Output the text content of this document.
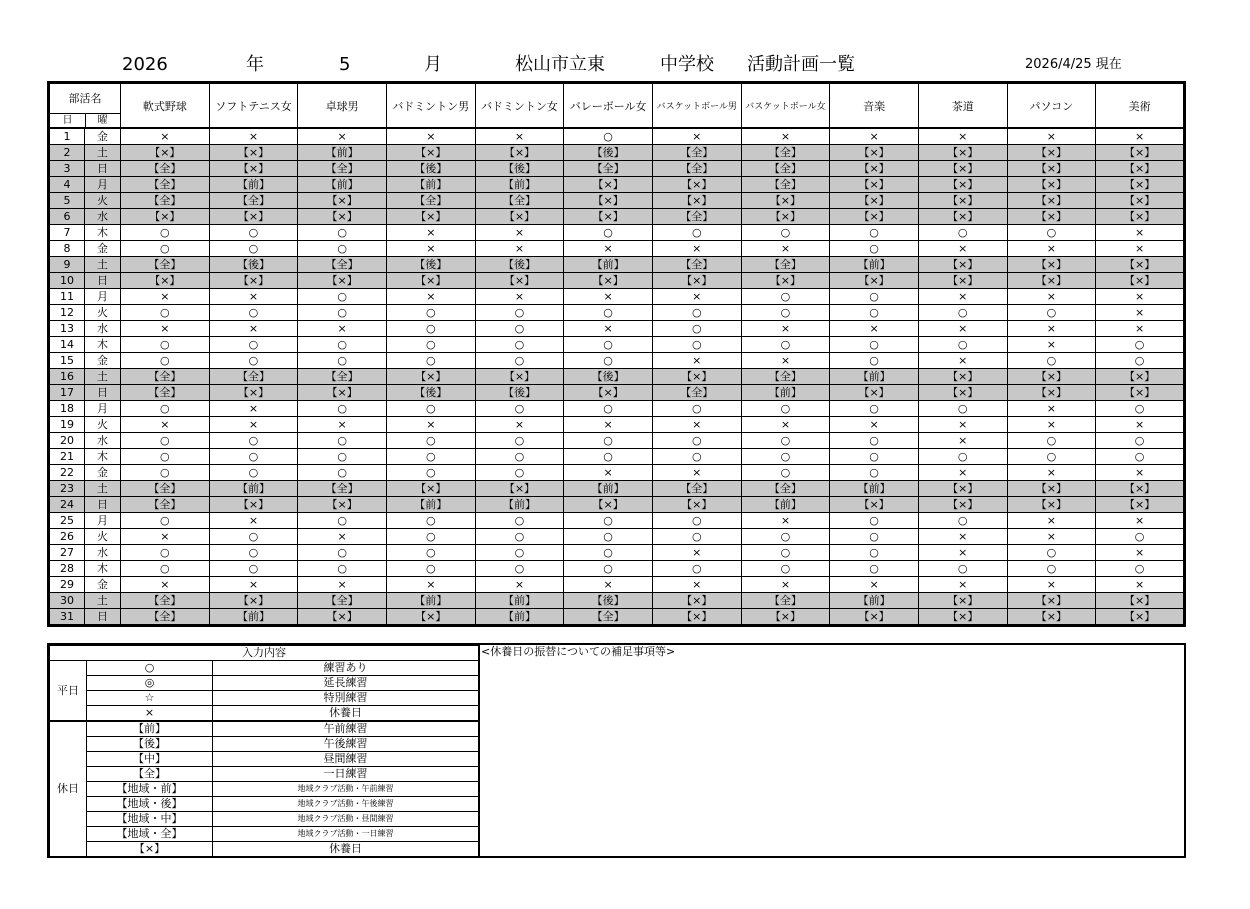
2026	年	5	月	松山市立東	中学校 活動計画一覧	2026/4/25 現在
部活名
日 曜		軟式野球	ソフトテニス女	卓球男	バドミントン男	バドミントン女	バレーボール女	バスケットボール男	バスケットボール女	音楽	茶道	パソコン	美術
1	金	×	×	×	×	×	○	×	×	×	×	×	×
2	土	【×】	【×】	【前】	【×】	【×】	【後】	【全】	【全】	【×】	【×】	【×】	【×】
3	日	【全】	【×】	【全】	【後】	【後】	【全】	【全】	【全】	【×】	【×】	【×】	【×】
4	月	【全】	【前】	【前】	【前】	【前】	【×】	【×】	【全】	【×】	【×】	【×】	【×】
5	火	【全】	【全】	【×】	【全】	【全】	【×】	【×】	【×】	【×】	【×】	【×】	【×】
6	水	【×】	【×】	【×】	【×】	【×】	【×】	【全】	【×】	【×】	【×】	【×】	【×】
7	木	○	○	○	×	×	○	○	○	○	○	○	×
8	金	○	○	○	×	×	×	×	×	○	×	×	×
9	土	【全】	【後】	【全】	【後】	【後】	【前】	【全】	【全】	【前】	【×】	【×】	【×】
10	日	【×】	【×】	【×】	【×】	【×】	【×】	【×】	【×】	【×】	【×】	【×】	【×】
11	月	×	×	○	×	×	×	×	○	○	×	×	×
12	火	○	○	○	○	○	○	○	○	○	○	○	×
13	水	×	×	×	○	○	×	○	×	×	×	×	×
14	木	○	○	○	○	○	○	○	○	○	○	×	○
15	金	○	○	○	○	○	○	×	×	○	×	○	○
16	土	【全】	【全】	【全】	【×】	【×】	【後】	【×】	【全】	【前】	【×】	【×】	【×】
17	日	【全】	【×】	【×】	【後】	【後】	【×】	【全】	【前】	【×】	【×】	【×】	【×】
18	月	○	×	○	○	○	○	○	○	○	○	×	○
19	火	×	×	×	×	×	×	×	×	×	×	×	×
20	水	○	○	○	○	○	○	○	○	○	×	○	○
21	木	○	○	○	○	○	○	○	○	○	○	○	○
22	金	○	○	○	○	○	×	×	○	○	×	×	×
23	土	【全】	【前】	【全】	【×】	【×】	【前】	【全】	【全】	【前】	【×】	【×】	【×】
24	日	【全】	【×】	【×】	【前】	【前】	【×】	【×】	【前】	【×】	【×】	【×】	【×】
25	月	○	×	○	○	○	○	○	×	○	○	×	×
26	火	×	○	×	○	○	○	○	○	○	×	×	○
27	水	○	○	○	○	○	○	×	○	○	×	○	×
28	木	○	○	○	○	○	○	○	○	○	○	○	○
29	金	×	×	×	×	×	×	×	×	×	×	×	×
30	土	【全】	【×】	【全】	【前】	【前】	【後】	【×】	【全】	【前】	【×】	【×】	【×】
31	日	【全】	【前】	【×】	【×】	【前】	【全】	【×】	【×】	【×】	【×】	【×】	【×】
入力内容		
平日	○	練習あり
	◎	延長練習
	☆	特別練習
	×	休養日
休日	【前】	午前練習
	【後】	午後練習
	【中】	昼間練習
	【全】	一日練習
	【地域・前】	地域クラブ活動・午前練習
	【地域・後】	地域クラブ活動・午後練習
	【地域・中】	地域クラブ活動・昼間練習
	【地域・全】	地域クラブ活動・一日練習
	【×】	休養日
<休養日の振替についての補足事項等>
